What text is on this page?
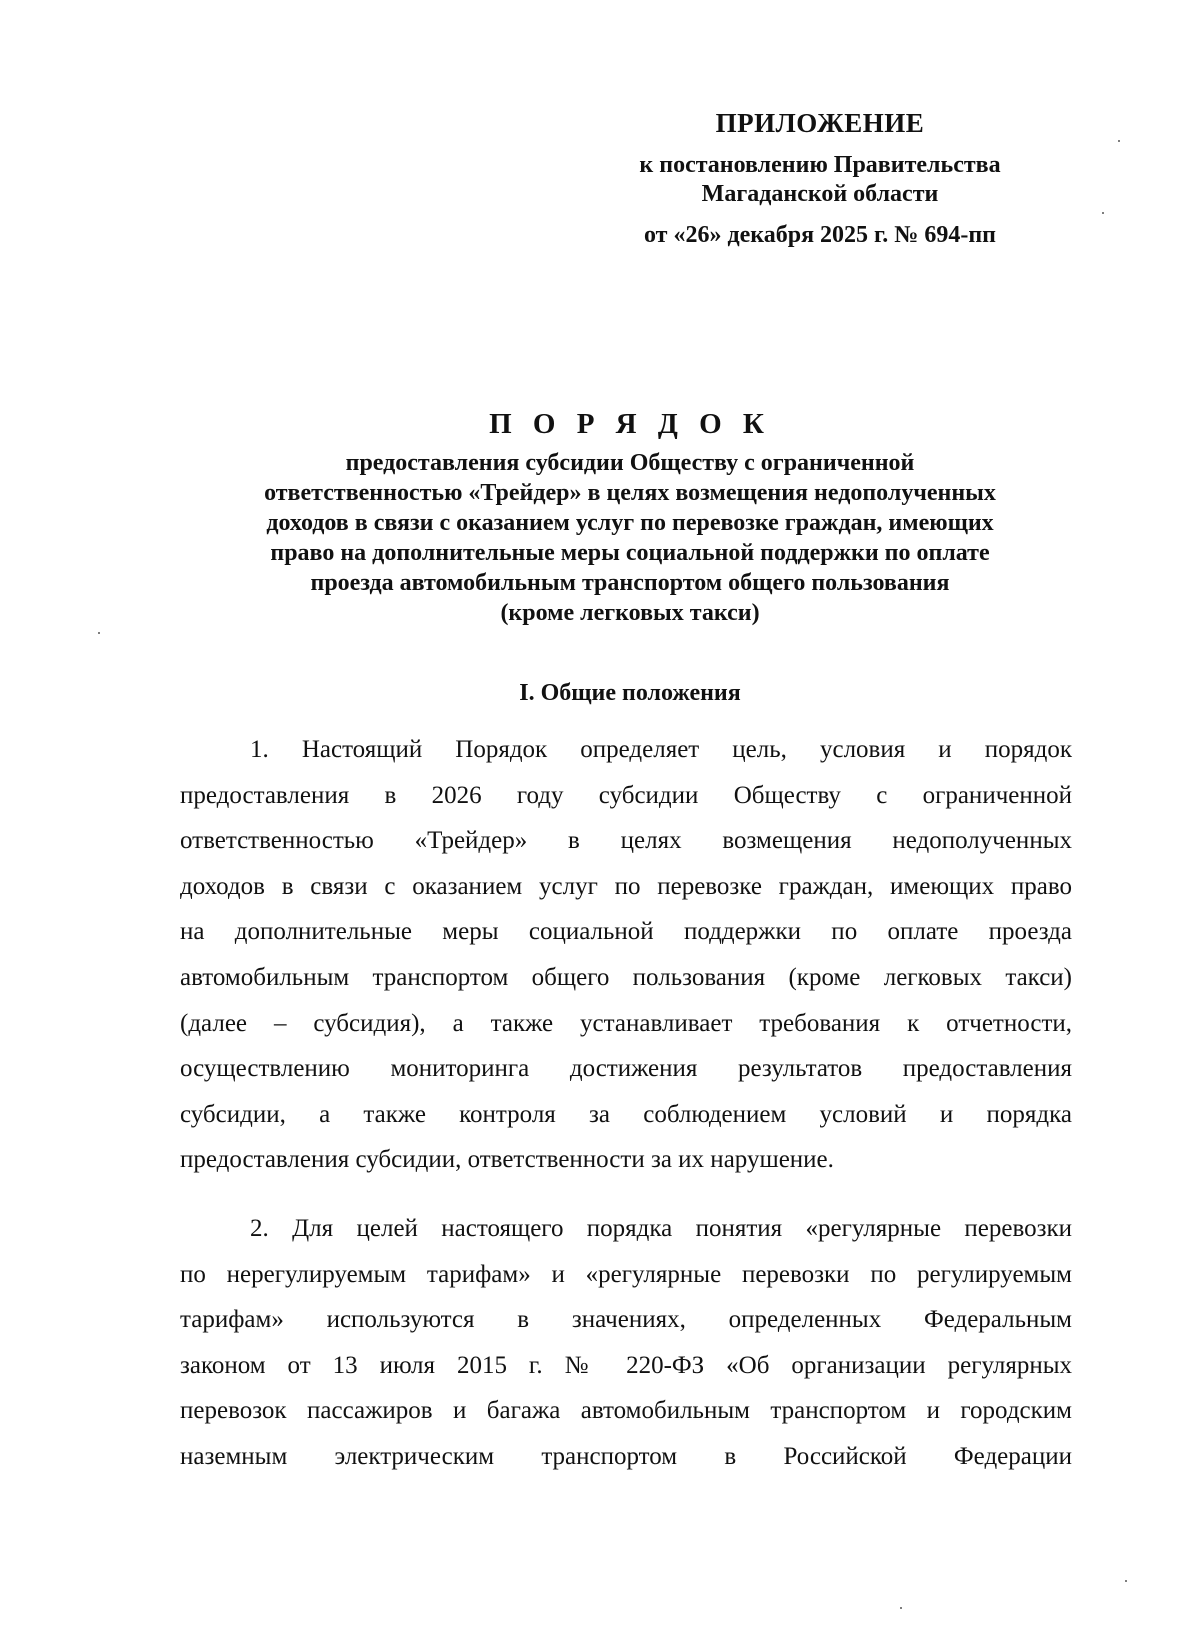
ПРИЛОЖЕНИЕ
к постановлению Правительства
Магаданской области
от «26» декабря 2025 г. № 694-пп
П О Р Я Д О К
предоставления субсидии Обществу с ограниченной
ответственностью «Трейдер» в целях возмещения недополученных
доходов в связи с оказанием услуг по перевозке граждан, имеющих
право на дополнительные меры социальной поддержки по оплате
проезда автомобильным транспортом общего пользования
(кроме легковых такси)
I. Общие положения
1. Настоящий Порядок определяет цель, условия и порядок
предоставления в 2026 году субсидии Обществу с ограниченной
ответственностью «Трейдер» в целях возмещения недополученных
доходов в связи с оказанием услуг по перевозке граждан, имеющих право
на дополнительные меры социальной поддержки по оплате проезда
автомобильным транспортом общего пользования (кроме легковых такси)
(далее – субсидия), а также устанавливает требования к отчетности,
осуществлению мониторинга достижения результатов предоставления
субсидии, а также контроля за соблюдением условий и порядка
предоставления субсидии, ответственности за их нарушение.
2. Для целей настоящего порядка понятия «регулярные перевозки
по нерегулируемым тарифам» и «регулярные перевозки по регулируемым
тарифам» используются в значениях, определенных Федеральным
законом от 13 июля 2015 г. № 220-ФЗ «Об организации регулярных
перевозок пассажиров и багажа автомобильным транспортом и городским
наземным электрическим транспортом в Российской Федерации
